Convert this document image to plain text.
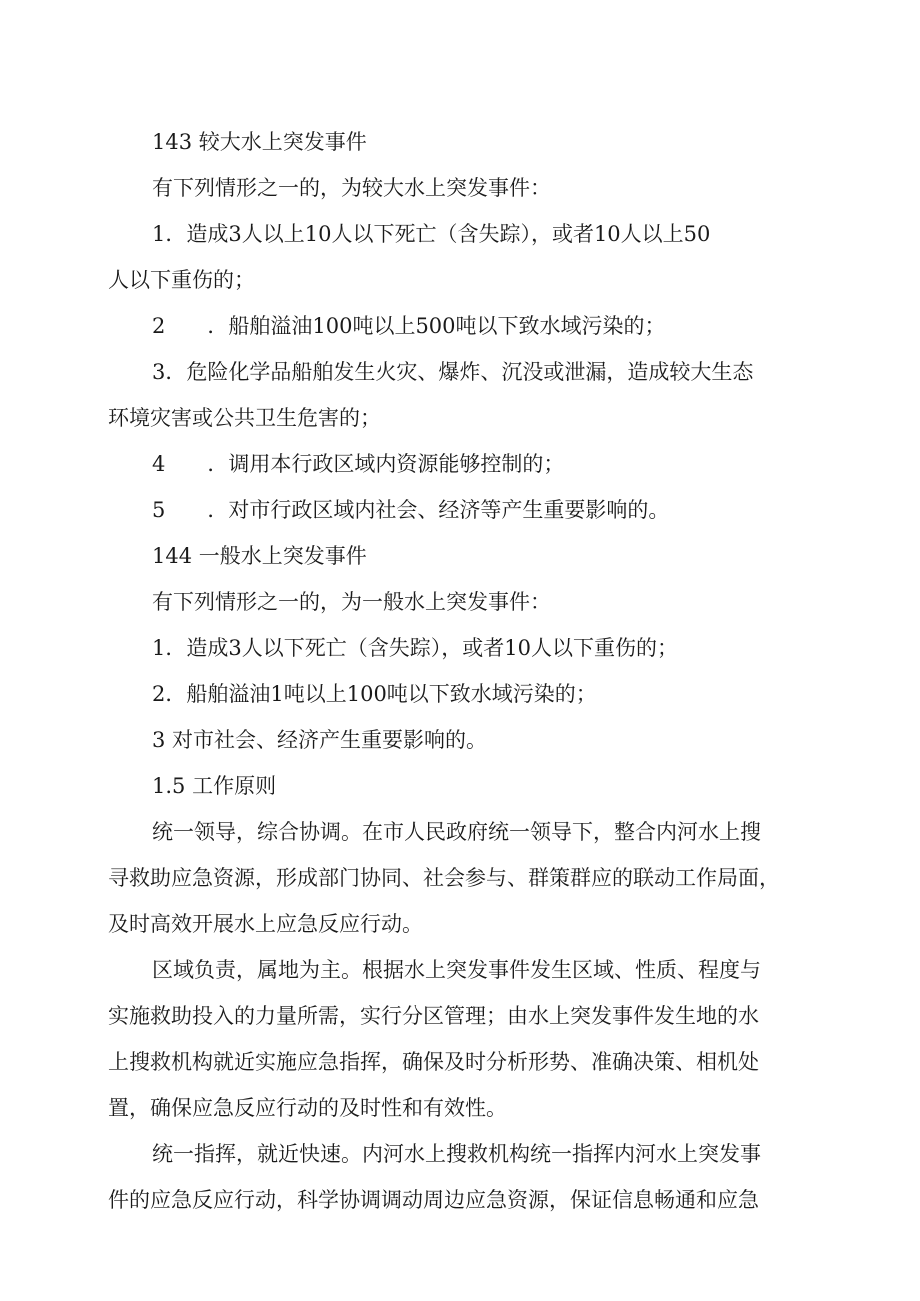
143 较大水上突发事件
有下列情形之一的，为较大水上突发事件：
1．造成3人以上10人以下死亡（含失踪），或者10人以上50
人以下重伤的；
2　　．船舶溢油100吨以上500吨以下致水域污染的；
3．危险化学品船舶发生火灾、爆炸、沉没或泄漏，造成较大生态
环境灾害或公共卫生危害的；
4　　．调用本行政区域内资源能够控制的；
5　　．对市行政区域内社会、经济等产生重要影响的。
144 一般水上突发事件
有下列情形之一的，为一般水上突发事件：
1．造成3人以下死亡（含失踪），或者10人以下重伤的；
2．船舶溢油1吨以上100吨以下致水域污染的；
3 对市社会、经济产生重要影响的。
1.5 工作原则
统一领导，综合协调。在市人民政府统一领导下，整合内河水上搜
寻救助应急资源，形成部门协同、社会参与、群策群应的联动工作局面，
及时高效开展水上应急反应行动。
区域负责，属地为主。根据水上突发事件发生区域、性质、程度与
实施救助投入的力量所需，实行分区管理；由水上突发事件发生地的水
上搜救机构就近实施应急指挥，确保及时分析形势、准确决策、相机处
置，确保应急反应行动的及时性和有效性。
统一指挥，就近快速。内河水上搜救机构统一指挥内河水上突发事
件的应急反应行动，科学协调调动周边应急资源，保证信息畅通和应急
